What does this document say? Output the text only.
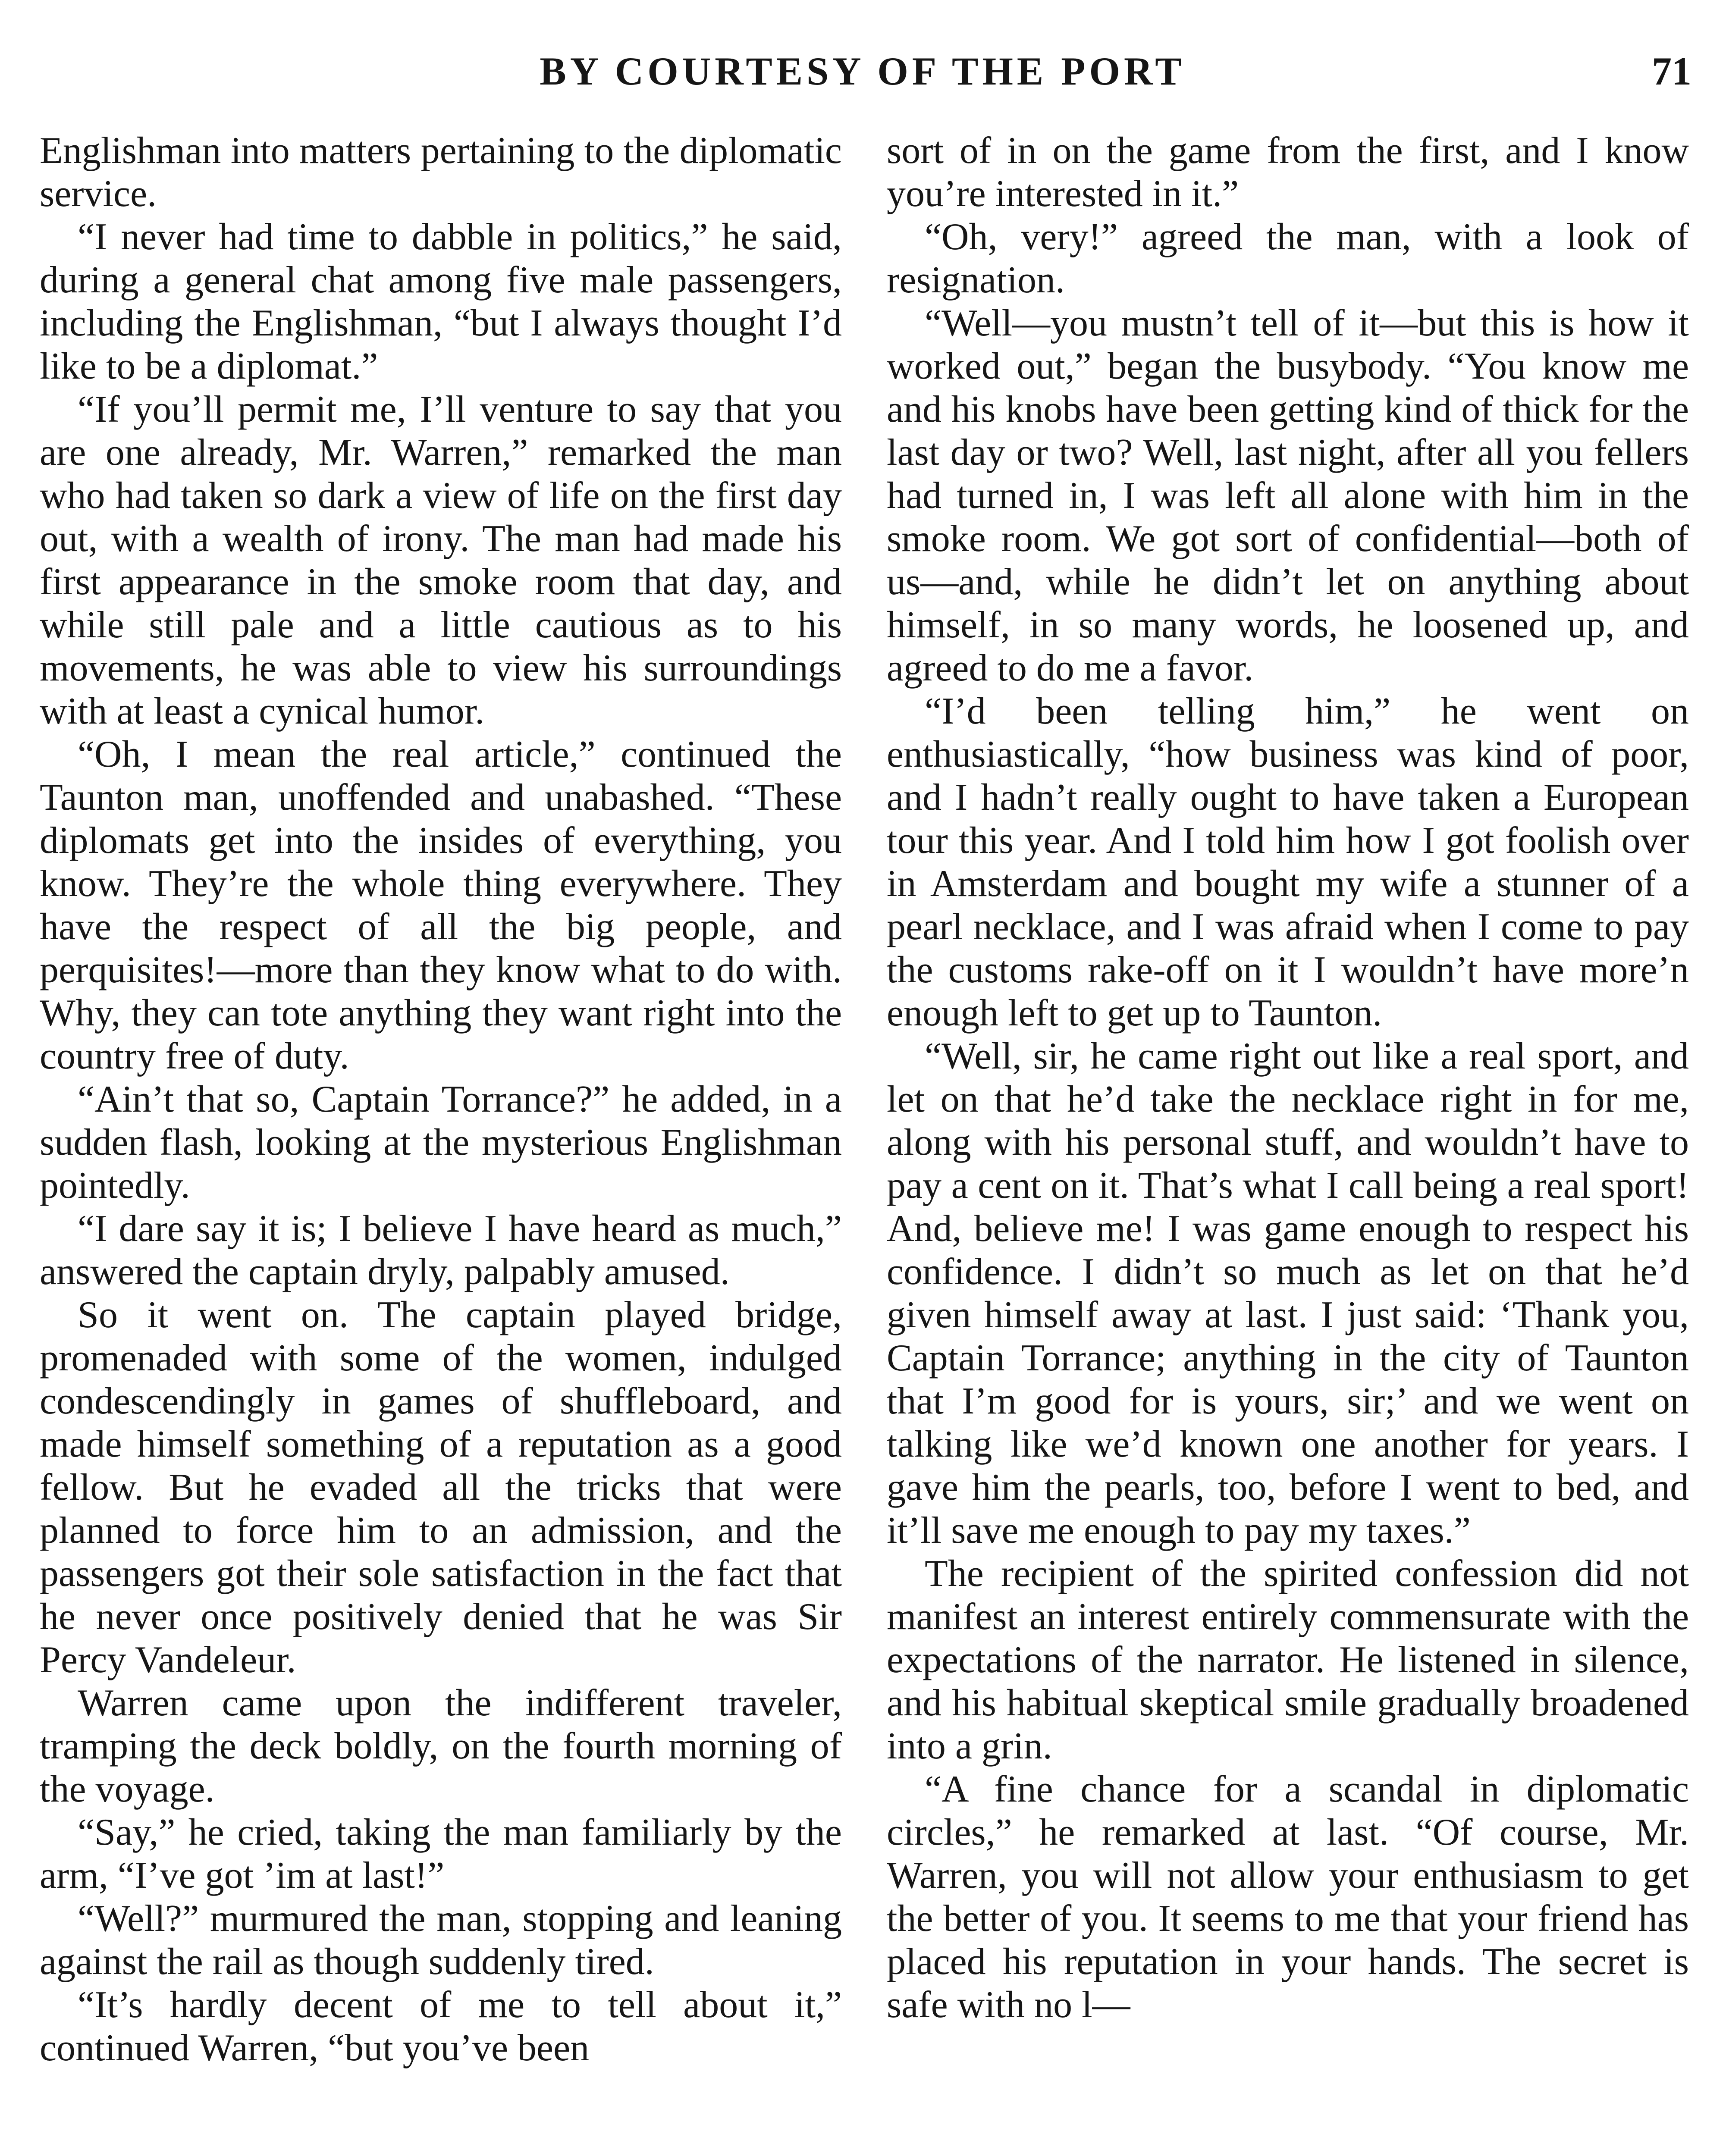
BY COURTESY OF THE PORT	71

Englishman into matters pertaining to the diplomatic service.

“I never had time to dabble in politics,” he said, during a general chat among five male passengers, including the Englishman, “but I always thought I’d like to be a diplomat.”

“If you’ll permit me, I’ll venture to say that you are one already, Mr. Warren,” remarked the man who had taken so dark a view of life on the first day out, with a wealth of irony. The man had made his first appearance in the smoke room that day, and while still pale and a little cautious as to his movements, he was able to view his surroundings with at least a cynical humor.

“Oh, I mean the real article,” continued the Taunton man, unoffended and unabashed. “These diplomats get into the insides of everything, you know. They’re the whole thing everywhere. They have the respect of all the big people, and perquisites!—more than they know what to do with. Why, they can tote anything they want right into the country free of duty.

“Ain’t that so, Captain Torrance?” he added, in a sudden flash, looking at the mysterious Englishman pointedly.

“I dare say it is; I believe I have heard as much,” answered the captain dryly, palpably amused.

So it went on. The captain played bridge, promenaded with some of the women, indulged condescendingly in games of shuffleboard, and made himself something of a reputation as a good fellow. But he evaded all the tricks that were planned to force him to an admission, and the passengers got their sole satisfaction in the fact that he never once positively denied that he was Sir Percy Vandeleur.

Warren came upon the indifferent traveler, tramping the deck boldly, on the fourth morning of the voyage.

“Say,” he cried, taking the man familiarly by the arm, “I’ve got ’im at last!”

“Well?” murmured the man, stopping and leaning against the rail as though suddenly tired.

“It’s hardly decent of me to tell about it,” continued Warren, “but you’ve been

sort of in on the game from the first, and I know you’re interested in it.”

“Oh, very!” agreed the man, with a look of resignation.

“Well—you mustn’t tell of it—but this is how it worked out,” began the busybody. “You know me and his knobs have been getting kind of thick for the last day or two? Well, last night, after all you fellers had turned in, I was left all alone with him in the smoke room. We got sort of confidential—both of us—and, while he didn’t let on anything about himself, in so many words, he loosened up, and agreed to do me a favor.

“I’d been telling him,” he went on enthusiastically, “how business was kind of poor, and I hadn’t really ought to have taken a European tour this year. And I told him how I got foolish over in Amsterdam and bought my wife a stunner of a pearl necklace, and I was afraid when I come to pay the customs rake-off on it I wouldn’t have more’n enough left to get up to Taunton.

“Well, sir, he came right out like a real sport, and let on that he’d take the necklace right in for me, along with his personal stuff, and wouldn’t have to pay a cent on it. That’s what I call being a real sport! And, believe me! I was game enough to respect his confidence. I didn’t so much as let on that he’d given himself away at last. I just said: ‘Thank you, Captain Torrance; anything in the city of Taunton that I’m good for is yours, sir;’ and we went on talking like we’d known one another for years. I gave him the pearls, too, before I went to bed, and it’ll save me enough to pay my taxes.”

The recipient of the spirited confession did not manifest an interest entirely commensurate with the expectations of the narrator. He listened in silence, and his habitual skeptical smile gradually broadened into a grin.

“A fine chance for a scandal in diplomatic circles,” he remarked at last. “Of course, Mr. Warren, you will not allow your enthusiasm to get the better of you. It seems to me that your friend has placed his reputation in your hands. The secret is safe with no l—
